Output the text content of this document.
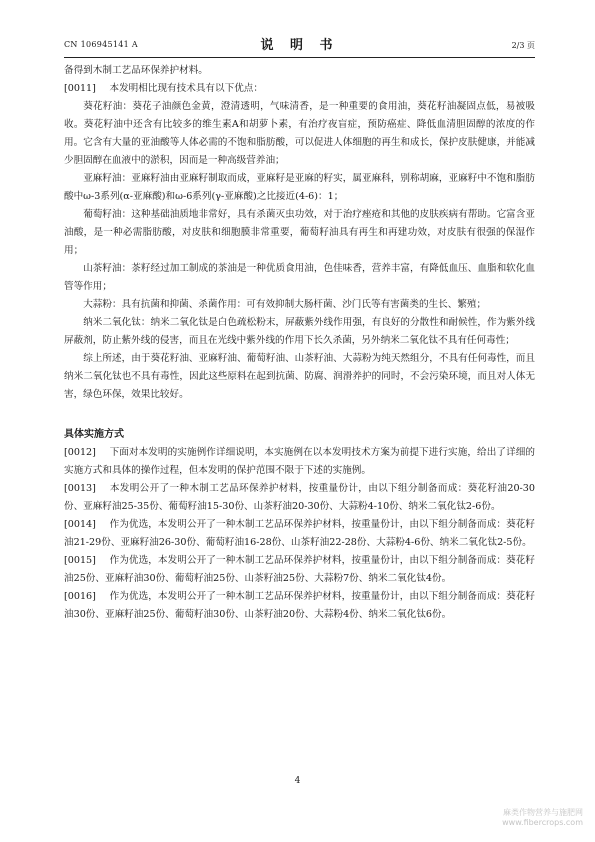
CN 106945141 A	说 明 书	2/3 页

备得到木制工艺品环保养护材料。

[0011]  本发明相比现有技术具有以下优点：

葵花籽油：葵花子油颜色金黄，澄清透明，气味清香，是一种重要的食用油，葵花籽油凝固点低，易被吸收。葵花籽油中还含有比较多的维生素A和胡萝卜素，有治疗夜盲症，预防癌症、降低血清胆固醇的浓度的作用。它含有大量的亚油酸等人体必需的不饱和脂肪酸，可以促进人体细胞的再生和成长，保护皮肤健康，并能减少胆固醇在血液中的淤积，因而是一种高级营养油；

亚麻籽油：亚麻籽油由亚麻籽制取而成，亚麻籽是亚麻的籽实，属亚麻科，别称胡麻，亚麻籽中不饱和脂肪酸中ω-3系列(α-亚麻酸)和ω-6系列(γ-亚麻酸)之比接近(4-6)：1；

葡萄籽油：这种基础油质地非常好，具有杀菌灭虫功效，对于治疗痤疮和其他的皮肤疾病有帮助。它富含亚油酸，是一种必需脂肪酸，对皮肤和细胞膜非常重要，葡萄籽油具有再生和再建功效，对皮肤有很强的保湿作用；

山茶籽油：茶籽经过加工制成的茶油是一种优质食用油，色佳味香，营养丰富，有降低血压、血脂和软化血管等作用；

大蒜粉：具有抗菌和抑菌、杀菌作用：可有效抑制大肠杆菌、沙门氏等有害菌类的生长、繁殖；

纳米二氧化钛：纳米二氧化钛是白色疏松粉末，屏蔽紫外线作用强，有良好的分散性和耐候性，作为紫外线屏蔽剂，防止紫外线的侵害，而且在光线中紫外线的作用下长久杀菌，另外纳米二氧化钛不具有任何毒性；

综上所述，由于葵花籽油、亚麻籽油、葡萄籽油、山茶籽油、大蒜粉为纯天然组分，不具有任何毒性，而且纳米二氧化钛也不具有毒性，因此这些原料在起到抗菌、防腐、润滑养护的同时，不会污染环境，而且对人体无害，绿色环保，效果比较好。

具体实施方式

[0012]  下面对本发明的实施例作详细说明，本实施例在以本发明技术方案为前提下进行实施，给出了详细的实施方式和具体的操作过程，但本发明的保护范围不限于下述的实施例。

[0013]  本发明公开了一种木制工艺品环保养护材料，按重量份计，由以下组分制备而成：葵花籽油20-30份、亚麻籽油25-35份、葡萄籽油15-30份、山茶籽油20-30份、大蒜粉4-10份、纳米二氧化钛2-6份。

[0014]  作为优选，本发明公开了一种木制工艺品环保养护材料，按重量份计，由以下组分制备而成：葵花籽油21-29份、亚麻籽油26-30份、葡萄籽油16-28份、山茶籽油22-28份、大蒜粉4-6份、纳米二氧化钛2-5份。

[0015]  作为优选，本发明公开了一种木制工艺品环保养护材料，按重量份计，由以下组分制备而成：葵花籽油25份、亚麻籽油30份、葡萄籽油25份、山茶籽油25份、大蒜粉7份、纳米二氧化钛4份。

[0016]  作为优选，本发明公开了一种木制工艺品环保养护材料，按重量份计，由以下组分制备而成：葵花籽油30份、亚麻籽油25份、葡萄籽油30份、山茶籽油20份、大蒜粉4份、纳米二氧化钛6份。

4
麻类作物营养与施肥网
www.fibercrops.com
